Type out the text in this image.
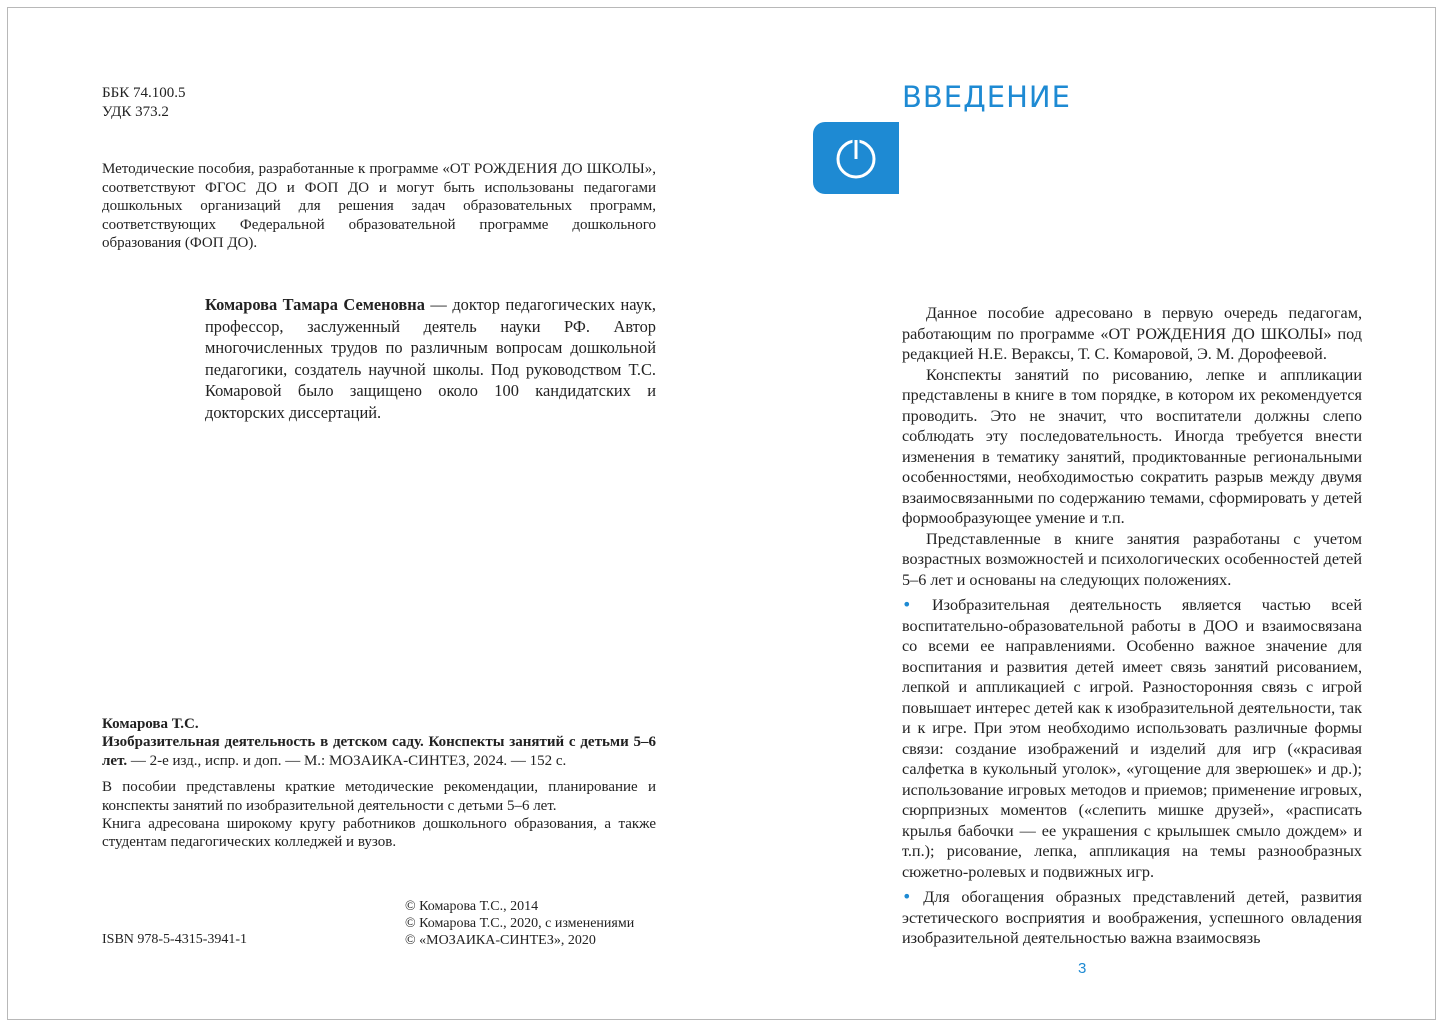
ББК 74.100.5
УДК 373.2
Методические пособия, разработанные к программе «ОТ РОЖДЕНИЯ ДО ШКОЛЫ», соответствуют ФГОС ДО и ФОП ДО и могут быть использованы педагогами дошкольных организаций для решения задач образовательных программ, соответствующих Федеральной образовательной программе дошкольного образования (ФОП ДО).
Комарова Тамара Семеновна — доктор педагогических наук, профессор, заслуженный деятель науки РФ. Автор многочисленных трудов по различным вопросам дошкольной педагогики, создатель научной школы. Под руководством Т.С. Комаровой было защищено около 100 кандидатских и докторских диссертаций.

Комарова Т.С.

Изобразительная деятельность в детском саду. Конспекты занятий с детьми 5–6 лет. — 2-е изд., испр. и доп. — М.: МОЗАИКА-СИНТЕЗ, 2024. — 152 с.

В пособии представлены краткие методические рекомендации, планирование и конспекты занятий по изобразительной деятельности с детьми 5–6 лет.

Книга адресована широкому кругу работников дошкольного образования, а также студентам педагогических колледжей и вузов.

ISBN 978-5-4315-3941-1
© Комарова Т.С., 2014
© Комарова Т.С., 2020, с изменениями
© «МОЗАИКА-СИНТЕЗ», 2020
ВВЕДЕНИЕ

Данное пособие адресовано в первую очередь педагогам, работающим по программе «ОТ РОЖДЕНИЯ ДО ШКОЛЫ» под редакцией Н.Е. Вераксы, Т. С. Комаровой, Э. М. Дорофеевой.

Конспекты занятий по рисованию, лепке и аппликации представлены в книге в том порядке, в котором их рекомендуется проводить. Это не значит, что воспитатели должны слепо соблюдать эту последовательность. Иногда требуется внести изменения в тематику занятий, продиктованные региональными особенностями, необходимостью сократить разрыв между двумя взаимосвязанными по содержанию темами, сформировать у детей формообразующее умение и т.п.

Представленные в книге занятия разработаны с учетом возрастных возможностей и психологических особенностей детей 5–6 лет и основаны на следующих положениях.

• Изобразительная деятельность является частью всей воспитательно-образовательной работы в ДОО и взаимосвязана со всеми ее направлениями. Особенно важное значение для воспитания и развития детей имеет связь занятий рисованием, лепкой и аппликацией с игрой. Разносторонняя связь с игрой повышает интерес детей как к изобразительной деятельности, так и к игре. При этом необходимо использовать различные формы связи: создание изображений и изделий для игр («красивая салфетка в кукольный уголок», «угощение для зверюшек» и др.); использование игровых методов и приемов; применение игровых, сюрпризных моментов («слепить мишке друзей», «расписать крылья бабочки — ее украшения с крылышек смыло дождем» и т.п.); рисование, лепка, аппликация на темы разнообразных сюжетно-ролевых и подвижных игр.

• Для обогащения образных представлений детей, развития эстетического восприятия и воображения, успешного овладения изобразительной деятельностью важна взаимосвязь

3
